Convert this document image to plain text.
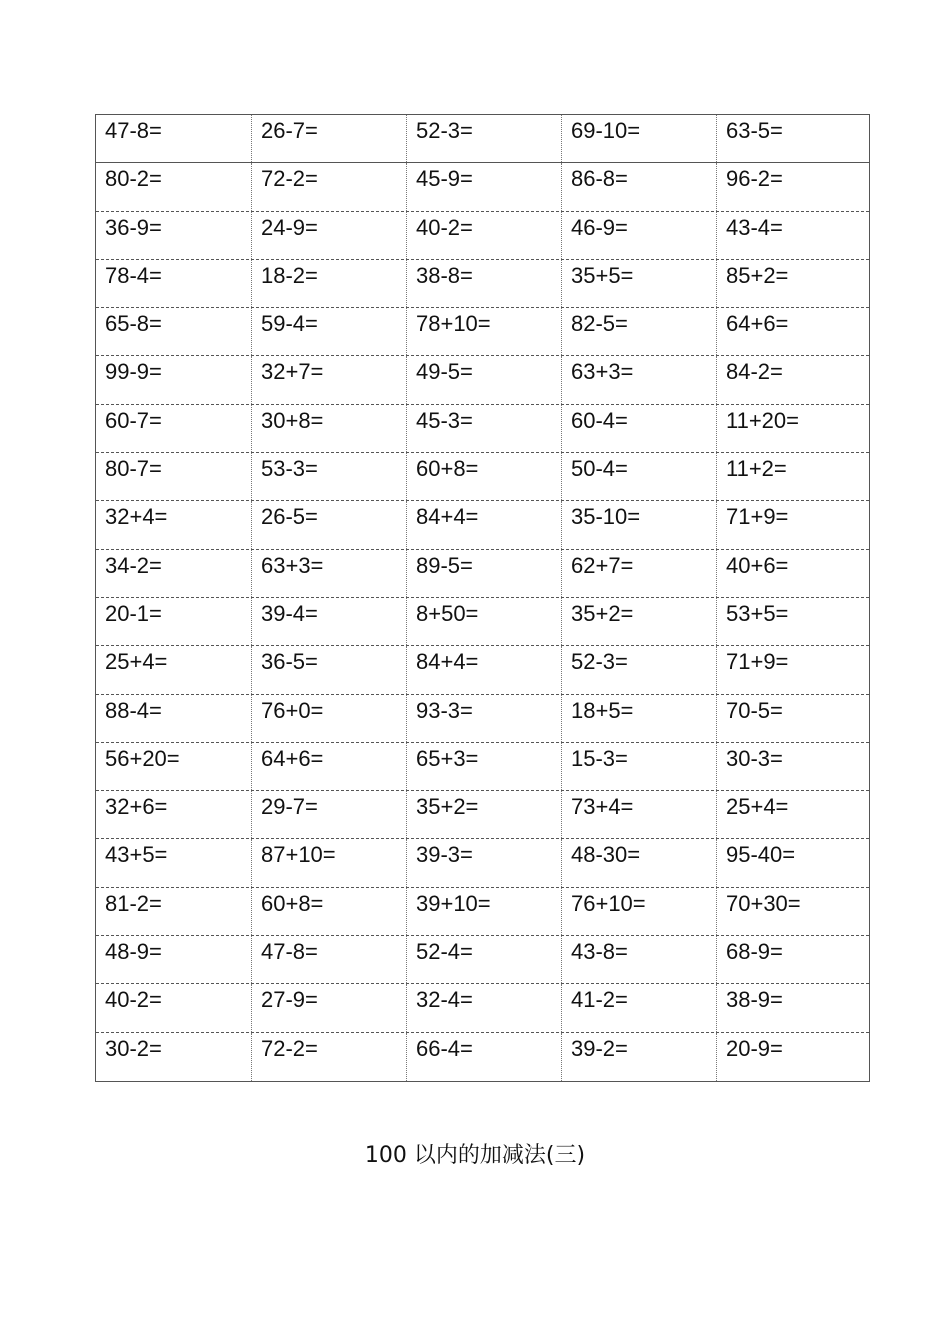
47-8=	26-7=	52-3=	69-10=	63-5=
80-2=	72-2=	45-9=	86-8=	96-2=
36-9=	24-9=	40-2=	46-9=	43-4=
78-4=	18-2=	38-8=	35+5=	85+2=
65-8=	59-4=	78+10=	82-5=	64+6=
99-9=	32+7=	49-5=	63+3=	84-2=
60-7=	30+8=	45-3=	60-4=	11+20=
80-7=	53-3=	60+8=	50-4=	11+2=
32+4=	26-5=	84+4=	35-10=	71+9=
34-2=	63+3=	89-5=	62+7=	40+6=
20-1=	39-4=	8+50=	35+2=	53+5=
25+4=	36-5=	84+4=	52-3=	71+9=
88-4=	76+0=	93-3=	18+5=	70-5=
56+20=	64+6=	65+3=	15-3=	30-3=
32+6=	29-7=	35+2=	73+4=	25+4=
43+5=	87+10=	39-3=	48-30=	95-40=
81-2=	60+8=	39+10=	76+10=	70+30=
48-9=	47-8=	52-4=	43-8=	68-9=
40-2=	27-9=	32-4=	41-2=	38-9=
30-2=	72-2=	66-4=	39-2=	20-9=
100 以内的加减法(三)
